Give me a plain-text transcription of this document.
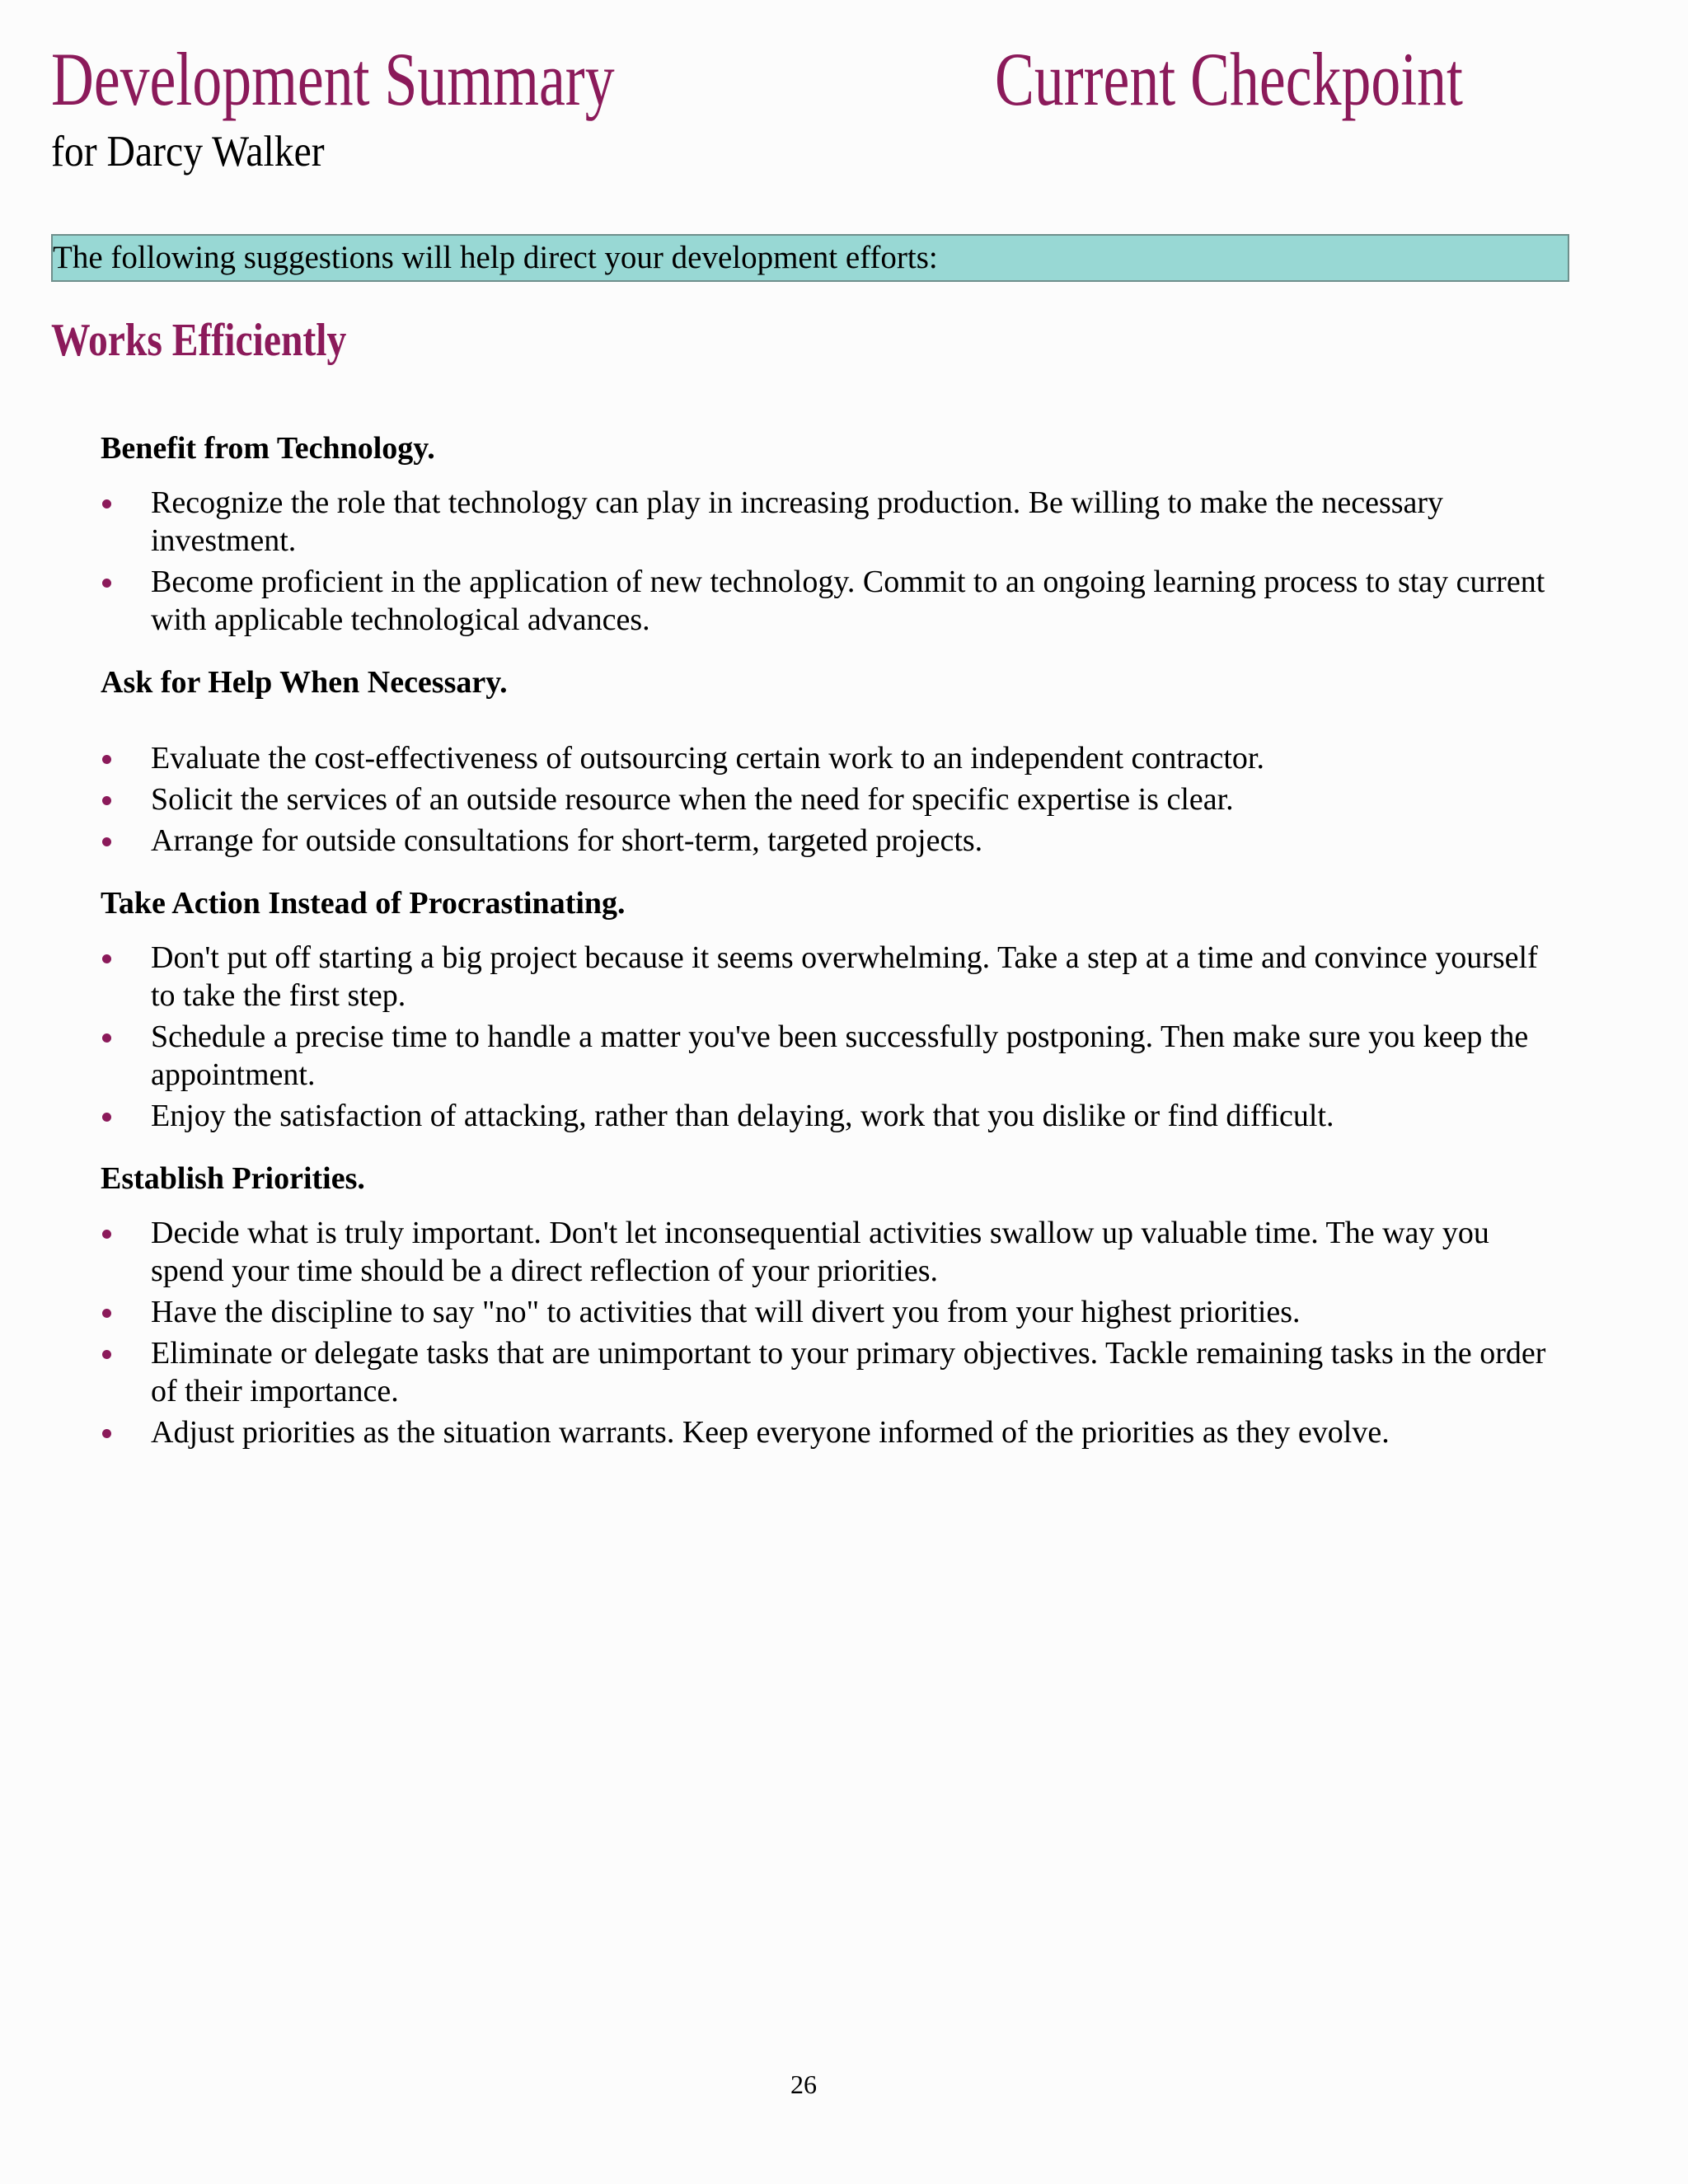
Development Summary	Current Checkpoint
for Darcy Walker
The following suggestions will help direct your development efforts:
Works Efficiently

Benefit from Technology.

Recognize the role that technology can play in increasing production. Be willing to make the necessary investment.
Become proficient in the application of new technology. Commit to an ongoing learning process to stay current with applicable technological advances.

Ask for Help When Necessary.

Evaluate the cost-effectiveness of outsourcing certain work to an independent contractor.
Solicit the services of an outside resource when the need for specific expertise is clear.
Arrange for outside consultations for short-term, targeted projects.

Take Action Instead of Procrastinating.

Don't put off starting a big project because it seems overwhelming. Take a step at a time and convince yourself to take the first step.
Schedule a precise time to handle a matter you've been successfully postponing. Then make sure you keep the appointment.
Enjoy the satisfaction of attacking, rather than delaying, work that you dislike or find difficult.

Establish Priorities.

Decide what is truly important. Don't let inconsequential activities swallow up valuable time. The way you spend your time should be a direct reflection of your priorities.
Have the discipline to say "no" to activities that will divert you from your highest priorities.
Eliminate or delegate tasks that are unimportant to your primary objectives. Tackle remaining tasks in the order of their importance.
Adjust priorities as the situation warrants. Keep everyone informed of the priorities as they evolve.
26
